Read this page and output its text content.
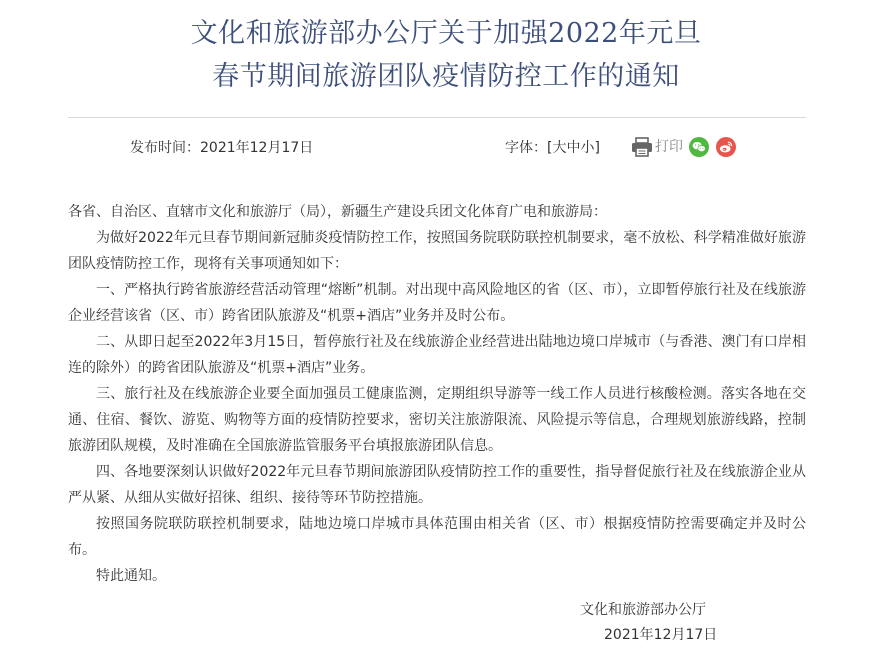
文化和旅游部办公厅关于加强2022年元旦
春节期间旅游团队疫情防控工作的通知
发布时间：2021年12月17日	字体：[大中小]	打印

各省、自治区、直辖市文化和旅游厅（局），新疆生产建设兵团文化体育广电和旅游局：

为做好2022年元旦春节期间新冠肺炎疫情防控工作，按照国务院联防联控机制要求，毫不放松、科学精准做好旅游团队疫情防控工作，现将有关事项通知如下：

一、严格执行跨省旅游经营活动管理“熔断”机制。对出现中高风险地区的省（区、市），立即暂停旅行社及在线旅游企业经营该省（区、市）跨省团队旅游及“机票+酒店”业务并及时公布。

二、从即日起至2022年3月15日，暂停旅行社及在线旅游企业经营进出陆地边境口岸城市（与香港、澳门有口岸相连的除外）的跨省团队旅游及“机票+酒店”业务。

三、旅行社及在线旅游企业要全面加强员工健康监测，定期组织导游等一线工作人员进行核酸检测。落实各地在交通、住宿、餐饮、游览、购物等方面的疫情防控要求，密切关注旅游限流、风险提示等信息，合理规划旅游线路，控制旅游团队规模，及时准确在全国旅游监管服务平台填报旅游团队信息。

四、各地要深刻认识做好2022年元旦春节期间旅游团队疫情防控工作的重要性，指导督促旅行社及在线旅游企业从严从紧、从细从实做好招徕、组织、接待等环节防控措施。

按照国务院联防联控机制要求，陆地边境口岸城市具体范围由相关省（区、市）根据疫情防控需要确定并及时公布。

特此通知。

文化和旅游部办公厅
2021年12月17日
